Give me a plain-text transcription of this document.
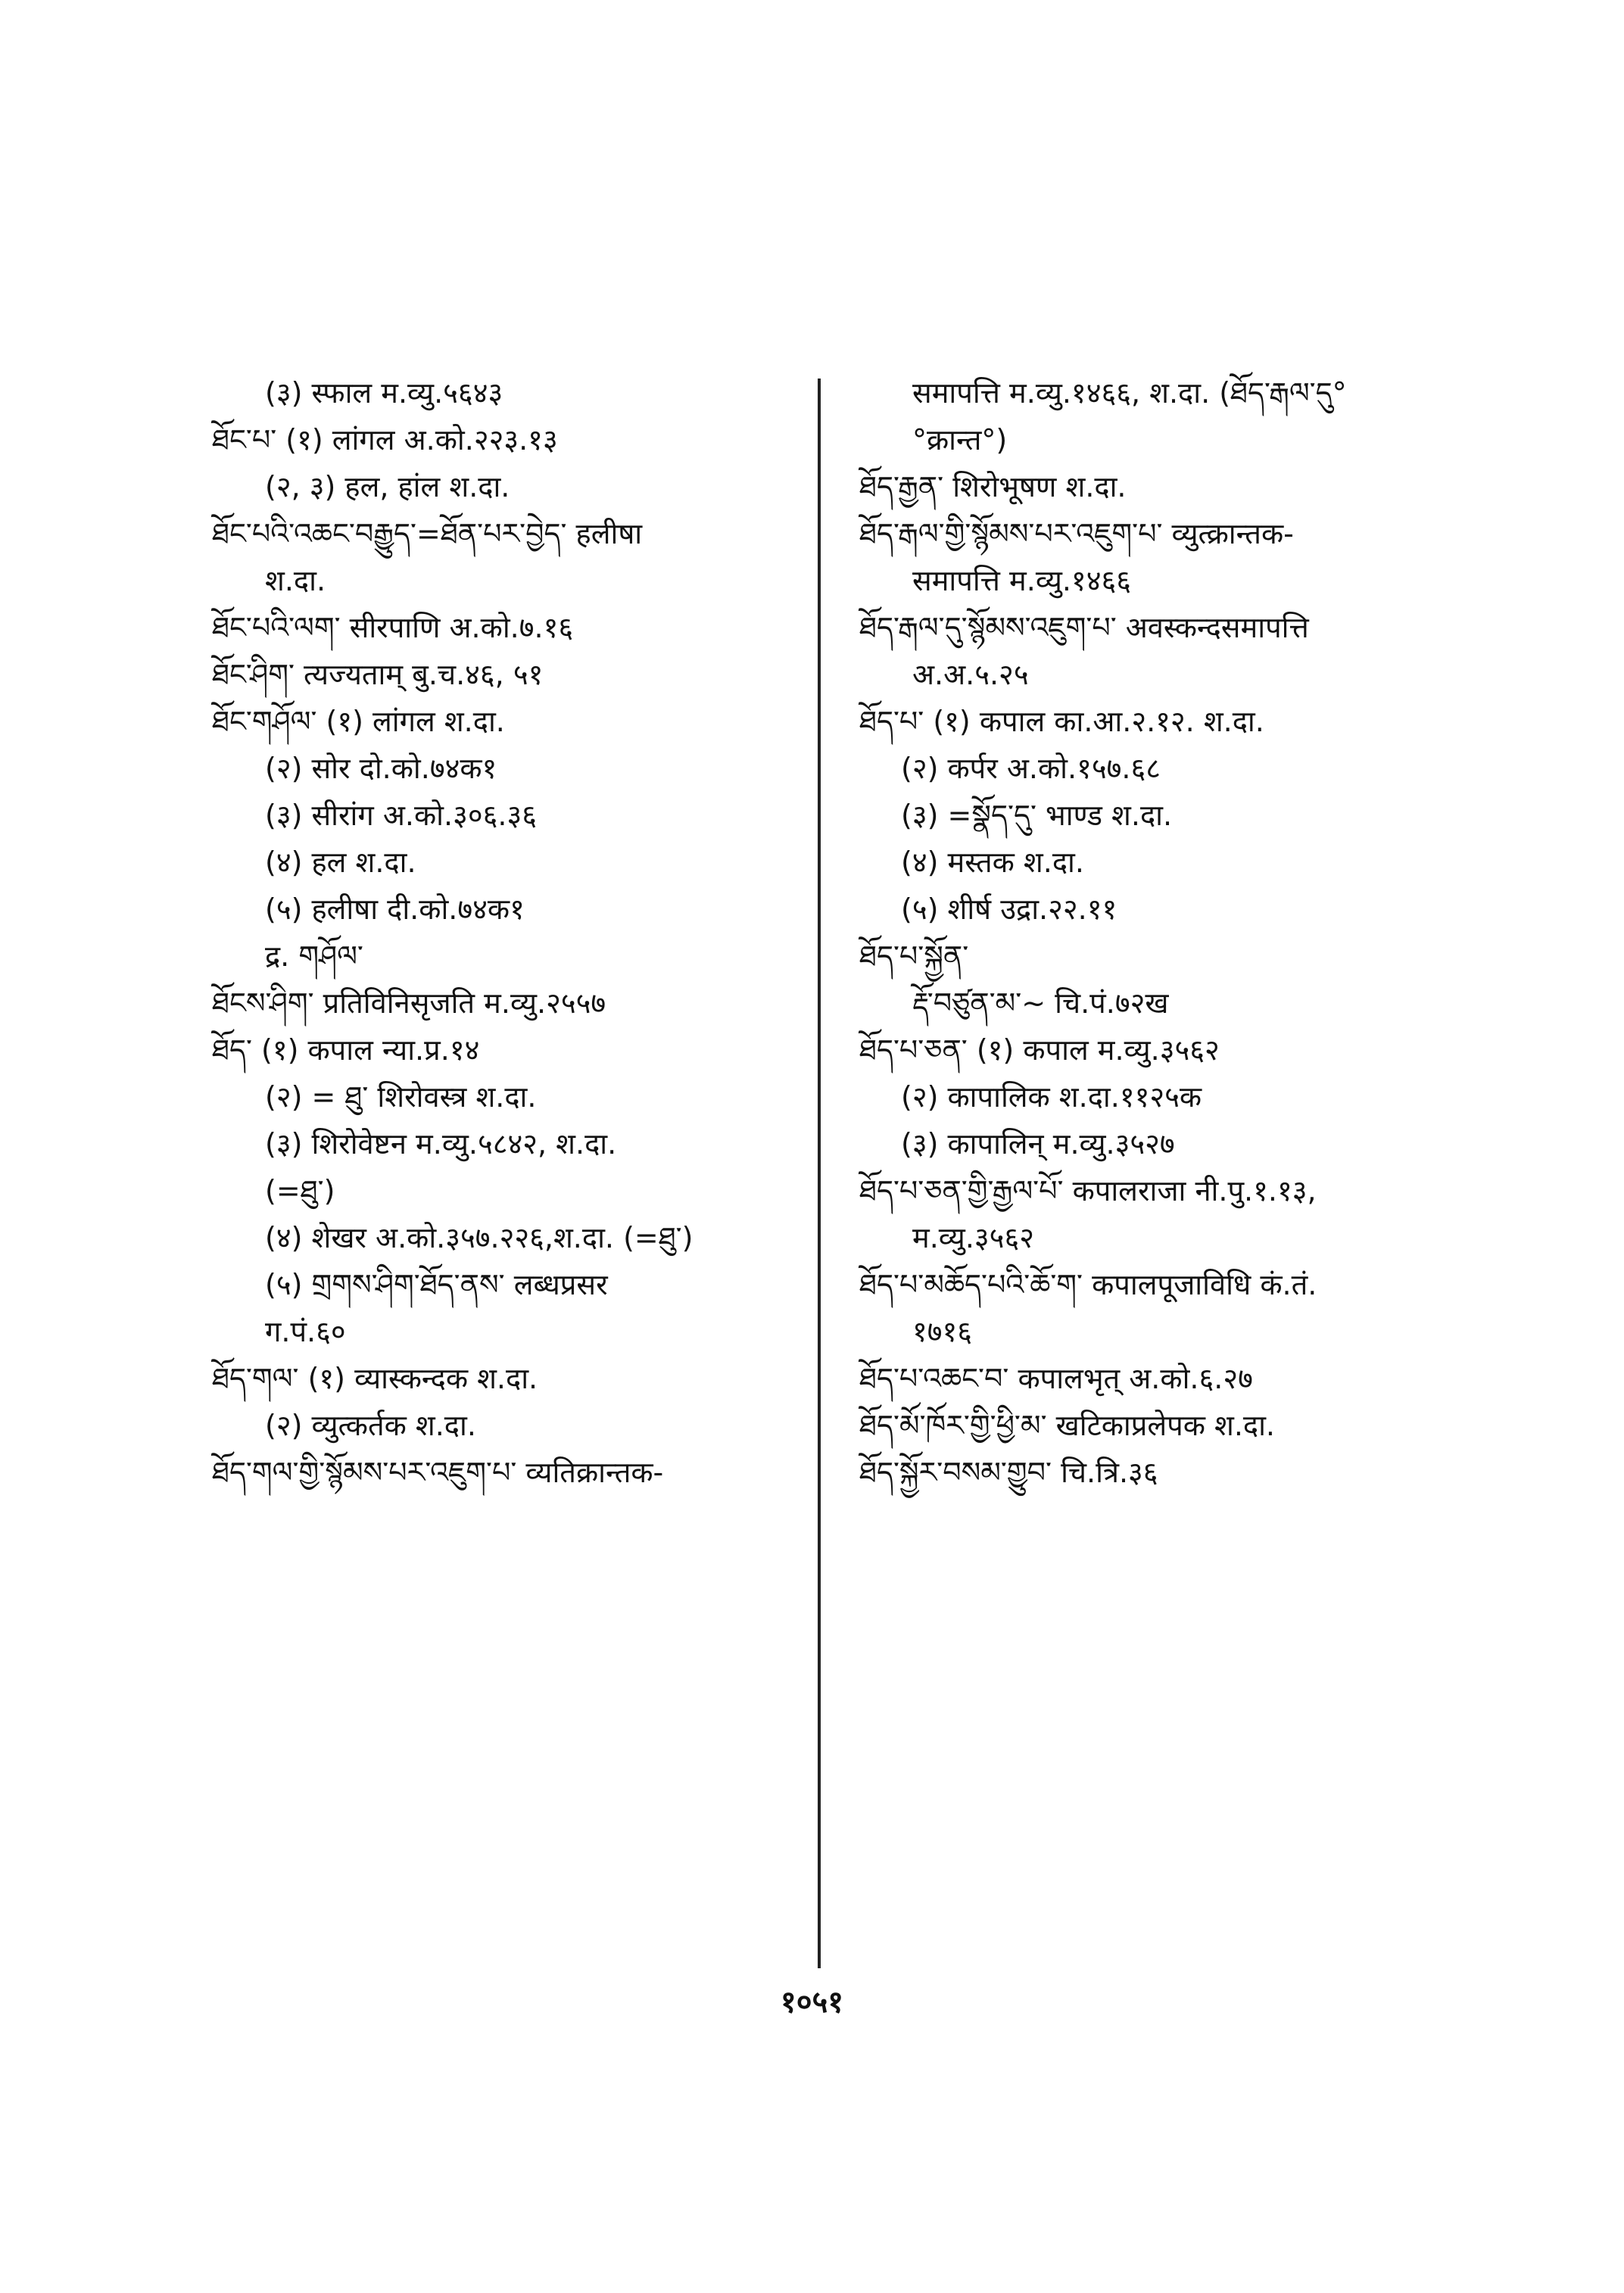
(३) स्फाल म.व्यु.५६४३
ཐོང་པ་ (१) लांगल अ.को.२२३.१३
(२, ३) हल, हांल श.दा.
ཐོང་པའི་འཆང་བརྒྱུད་=ཐོན་པར་བྱེད་ हलीषा
श.दा.
ཐོང་པའི་ལག་ सीरपाणि अ.को.७.१६
ཐོང་ཤིག་ त्यज्यताम् बु.च.४६, ५१
ཐོང་གཤོལ་ (१) लांगल श.दा.
(२) सोर दो.को.७४क१
(३) सीरांग अ.को.३०६.३६
(४) हल श.दा.
(५) हलीषा दी.को.७४क१
द्र. གཤོལ་
ཐོངས་ཤིག་ प्रतिविनिसृजति म.व्यु.२५५७
ཐོད་ (१) कपाल न्या.प्र.१४
(२) = ཐུ་ शिरोवस्त्र श.दा.
(३) शिरोवेष्टन म.व्यु.५८४२, श.दा.
(=ཐུ་)
(४) शेखर अ.को.३५७.२२६,श.दा. (=ཐུ་)
(५) གྲགས་ཤིག་ཐོད་ནས་ लब्धप्रसर
ग.पं.६०
ཐོད་གལ་ (१) व्यास्कन्दक श.दा.
(२) व्युत्कर्तक श.दा.
ཐོད་གལ་གྱི་སྙོམས་པར་འཇུག་པ་ व्यतिक्रान्तक-
समापत्ति म.व्यु.१४६६, श.दा. (ཐོད་རྒལ་དུ°
°क्रान्त°)
ཐོད་རྒྱན་ शिरोभूषण श.दा.
ཐོད་རྒལ་གྱི་སྙོམས་པར་འཇུག་པ་ व्युत्क्रान्तक-
समापत्ति म.व्यु.१४६६
ཐོད་རྒལ་དུ་སྙོམས་འཇུག་པ་ अवस्कन्दसमापत्ति
अ.अ.५.२५
ཐོད་པ་ (१) कपाल का.आ.२.१२. श.दा.
(२) कर्पर अ.को.१५७.६८
(३) =སྣོད་དུ་ भाण्ड श.दा.
(४) मस्तक श.दा.
(५) शीर्ष उद्रा.२२.११
ཐོད་པ་སྐྱོན་
རྡོ་བཙུན་མ་~ चि.पं.७२ख
ཐོད་པ་ཅན་ (१) कपाल म.व्यु.३५६२
(२) कापालिक श.दा.११२५क
(३) कापालिन् म.व्यु.३५२७
ཐོད་པ་ཅན་གྱི་རྒྱལ་པོ་ कपालराजा नी.पु.१.१३,
म.व्यु.३५६२
ཐོད་པ་མཆོད་པའི་ཆོ་ག་ कपालपूजाविधि कं.तं.
१७१६
ཐོད་པ་འཆང་བ་ कपालभृत् अ.को.६.२७
ཐོད་མོ་ཁོར་གྱི་ཕྱི་མ་ खटिकाप्रलेपक श.दा.
ཐོད་སྐྱོར་བསམ་གྱུབ་ चि.त्रि.३६
१०५१
